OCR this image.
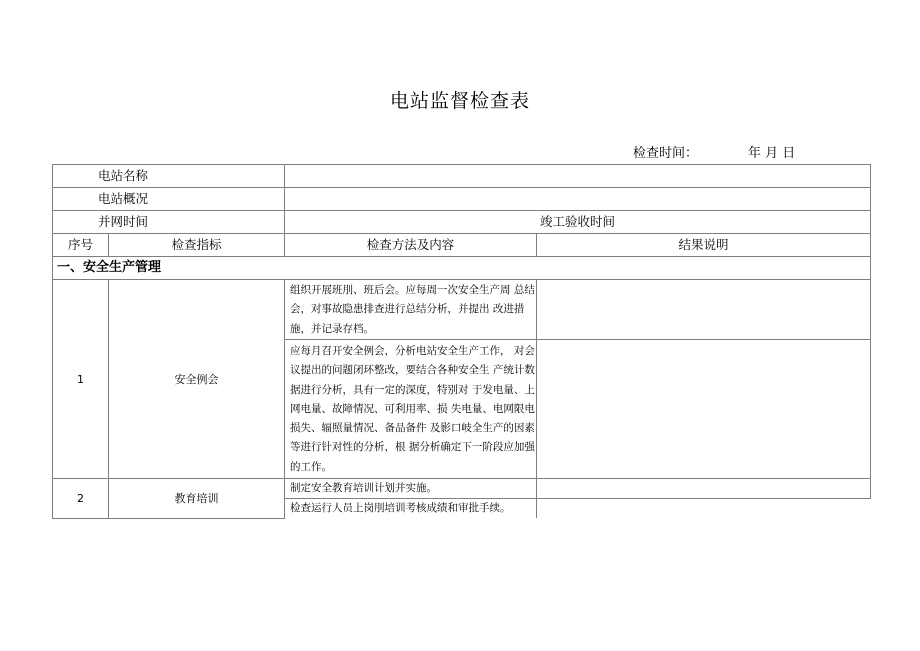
电站监督检查表
检查时间：	年 月 日
电站名称			
电站概况			
并网时间		竣工验收时间	
序号	检查指标	检查方法及内容	结果说明
一、安全生产管理			
1	安全例会	组织开展班刖、班后会。应每周一次安全生产周 总结会，对事故隐患排查进行总结分析，并提出 改进措施，并记录存档。	
		应每月召开安全例会，分析电站安全生产工作， 对会议提出的问题闭环整改，要结合各种安全生 产统计数据进行分析，具有一定的深度，特别对 于发电量、上网电量、故障情况、可利用率、损 失电量、电网限电损失、辐照量情况、备品备件 及影口岐全生产的因素等进行针对性的分析，根 据分析确定下一阶段应加强的工作。	
2	教育培训	制定安全教育培训计划并实施。	
		检查运行人员上岗刖培训考核成绩和审批手续。	
